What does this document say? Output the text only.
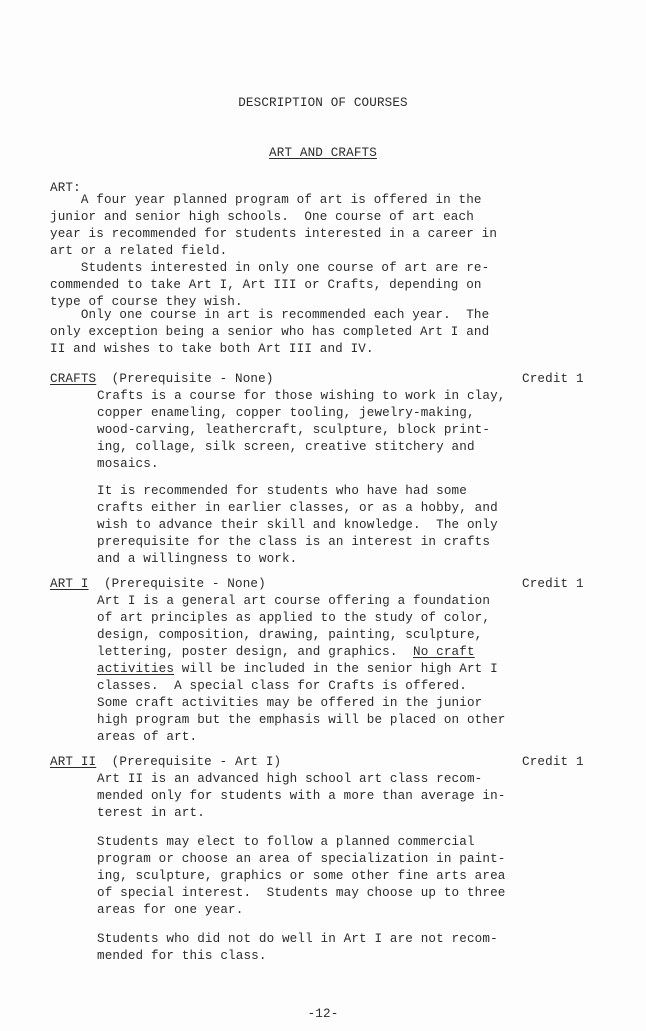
DESCRIPTION OF COURSES
ART AND CRAFTS
ART:
A four year planned program of art is offered in the
junior and senior high schools.  One course of art each
year is recommended for students interested in a career in
art or a related field.
Students interested in only one course of art are re-
commended to take Art I, Art III or Crafts, depending on
type of course they wish.
Only one course in art is recommended each year.  The
only exception being a senior who has completed Art I and
II and wishes to take both Art III and IV.
CRAFTS (Prerequisite - None)	Credit 1
Crafts is a course for those wishing to work in clay,
copper enameling, copper tooling, jewelry-making,
wood-carving, leathercraft, sculpture, block print-
ing, collage, silk screen, creative stitchery and
mosaics.
It is recommended for students who have had some
crafts either in earlier classes, or as a hobby, and
wish to advance their skill and knowledge.  The only
prerequisite for the class is an interest in crafts
and a willingness to work.
ART I (Prerequisite - None)	Credit 1
Art I is a general art course offering a foundation
of art principles as applied to the study of color,
design, composition, drawing, painting, sculpture,
lettering, poster design, and graphics.  No craft
activities will be included in the senior high Art I
classes.  A special class for Crafts is offered.
Some craft activities may be offered in the junior
high program but the emphasis will be placed on other
areas of art.
ART II (Prerequisite - Art I)	Credit 1
Art II is an advanced high school art class recom-
mended only for students with a more than average in-
terest in art.
Students may elect to follow a planned commercial
program or choose an area of specialization in paint-
ing, sculpture, graphics or some other fine arts area
of special interest.  Students may choose up to three
areas for one year.
Students who did not do well in Art I are not recom-
mended for this class.
-12-
